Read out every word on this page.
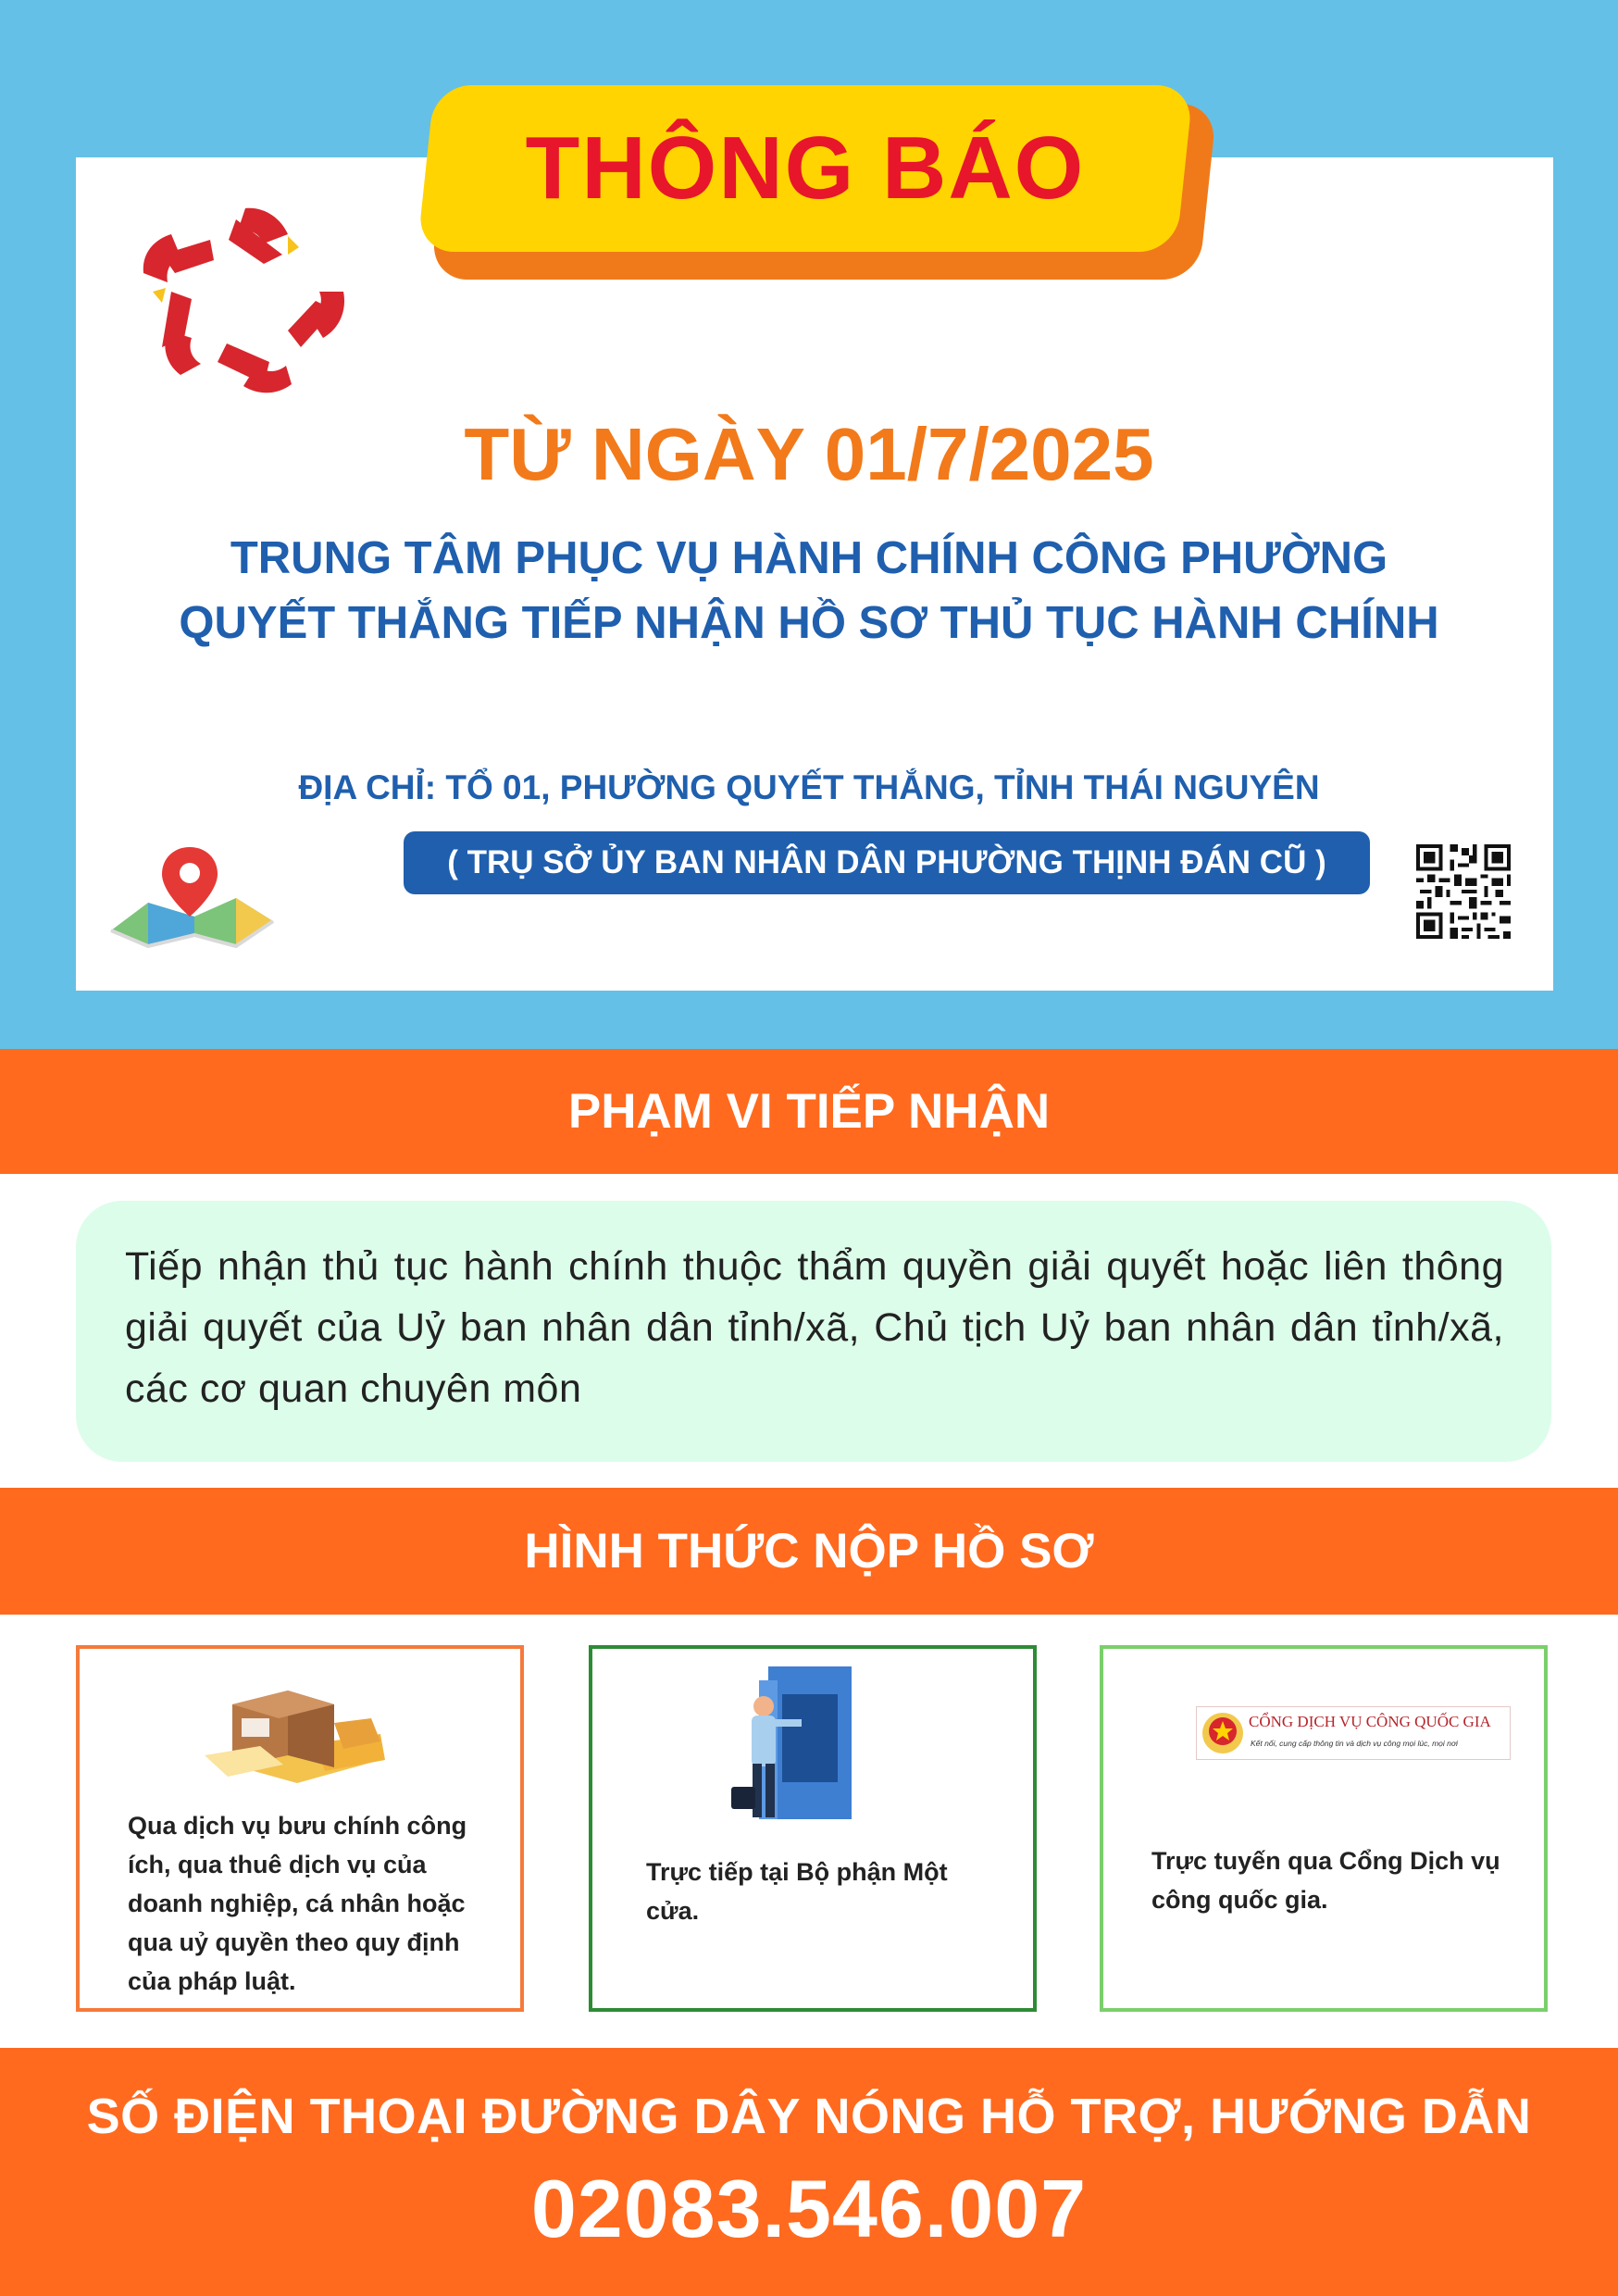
THÔNG BÁO
TỪ NGÀY 01/7/2025
TRUNG TÂM PHỤC VỤ HÀNH CHÍNH CÔNG PHƯỜNG
QUYẾT THẮNG TIẾP NHẬN HỒ SƠ THỦ TỤC HÀNH CHÍNH
ĐỊA CHỈ: TỔ 01, PHƯỜNG QUYẾT THẮNG, TỈNH THÁI NGUYÊN
( TRỤ SỞ ỦY BAN NHÂN DÂN PHƯỜNG THỊNH ĐÁN CŨ )
PHẠM VI TIẾP NHẬN
Tiếp nhận thủ tục hành chính thuộc thẩm quyền giải quyết hoặc liên thông giải quyết của Uỷ ban nhân dân tỉnh/xã, Chủ tịch Uỷ ban nhân dân tỉnh/xã, các cơ quan chuyên môn
HÌNH THỨC NỘP HỒ SƠ
Qua dịch vụ bưu chính công ích, qua thuê dịch vụ của doanh nghiệp, cá nhân hoặc qua uỷ quyền theo quy định của pháp luật.
Trực tiếp tại Bộ phận Một cửa.
CỔNG DỊCH VỤ CÔNG QUỐC GIA
Kết nối, cung cấp thông tin và dịch vụ công mọi lúc, mọi nơi
Trực tuyến qua Cổng Dịch vụ công quốc gia.
SỐ ĐIỆN THOẠI ĐƯỜNG DÂY NÓNG HỖ TRỢ, HƯỚNG DẪN
02083.546.007
